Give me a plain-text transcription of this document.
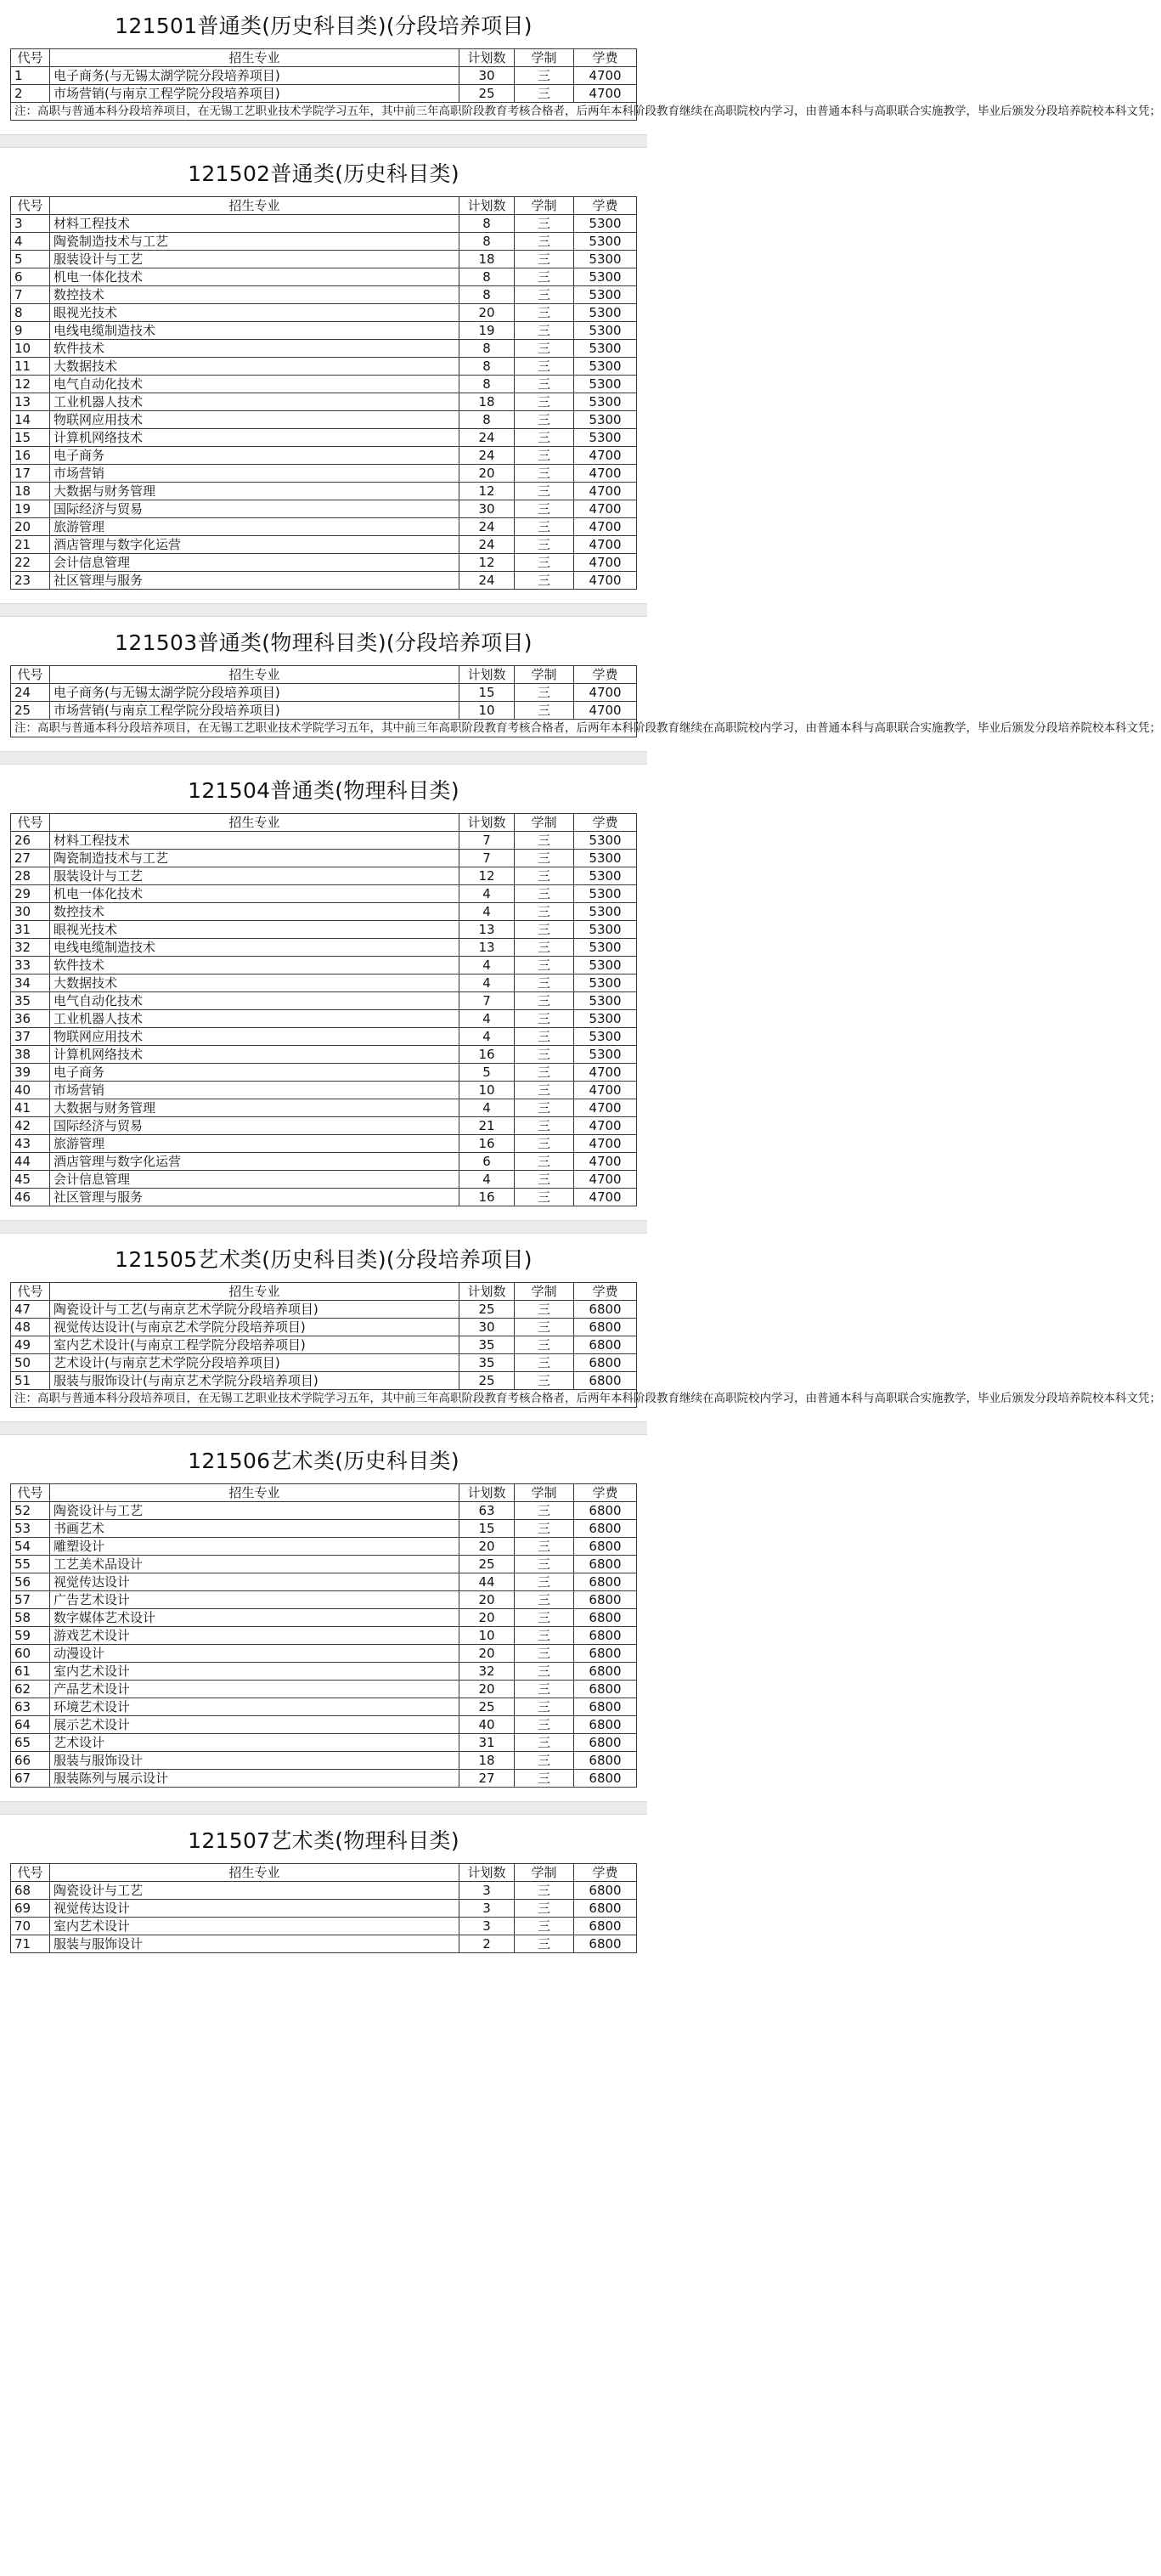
121501普通类(历史科目类)(分段培养项目)
代号	招生专业	计划数	学制	学费
1	电子商务(与无锡太湖学院分段培养项目)	30	三	4700
2	市场营销(与南京工程学院分段培养项目)	25	三	4700
注：高职与普通本科分段培养项目，在无锡工艺职业技术学院学习五年，其中前三年高职阶段教育考核合格者，后两年本科阶段教育继续在高职院校内学习，由普通本科与高职联合实施教学，毕业后颁发分段培养院校本科文凭；				
121502普通类(历史科目类)
代号	招生专业	计划数	学制	学费
3	材料工程技术	8	三	5300
4	陶瓷制造技术与工艺	8	三	5300
5	服装设计与工艺	18	三	5300
6	机电一体化技术	8	三	5300
7	数控技术	8	三	5300
8	眼视光技术	20	三	5300
9	电线电缆制造技术	19	三	5300
10	软件技术	8	三	5300
11	大数据技术	8	三	5300
12	电气自动化技术	8	三	5300
13	工业机器人技术	18	三	5300
14	物联网应用技术	8	三	5300
15	计算机网络技术	24	三	5300
16	电子商务	24	三	4700
17	市场营销	20	三	4700
18	大数据与财务管理	12	三	4700
19	国际经济与贸易	30	三	4700
20	旅游管理	24	三	4700
21	酒店管理与数字化运营	24	三	4700
22	会计信息管理	12	三	4700
23	社区管理与服务	24	三	4700
121503普通类(物理科目类)(分段培养项目)
代号	招生专业	计划数	学制	学费
24	电子商务(与无锡太湖学院分段培养项目)	15	三	4700
25	市场营销(与南京工程学院分段培养项目)	10	三	4700
注：高职与普通本科分段培养项目，在无锡工艺职业技术学院学习五年，其中前三年高职阶段教育考核合格者，后两年本科阶段教育继续在高职院校内学习，由普通本科与高职联合实施教学，毕业后颁发分段培养院校本科文凭；				
121504普通类(物理科目类)
代号	招生专业	计划数	学制	学费
26	材料工程技术	7	三	5300
27	陶瓷制造技术与工艺	7	三	5300
28	服装设计与工艺	12	三	5300
29	机电一体化技术	4	三	5300
30	数控技术	4	三	5300
31	眼视光技术	13	三	5300
32	电线电缆制造技术	13	三	5300
33	软件技术	4	三	5300
34	大数据技术	4	三	5300
35	电气自动化技术	7	三	5300
36	工业机器人技术	4	三	5300
37	物联网应用技术	4	三	5300
38	计算机网络技术	16	三	5300
39	电子商务	5	三	4700
40	市场营销	10	三	4700
41	大数据与财务管理	4	三	4700
42	国际经济与贸易	21	三	4700
43	旅游管理	16	三	4700
44	酒店管理与数字化运营	6	三	4700
45	会计信息管理	4	三	4700
46	社区管理与服务	16	三	4700
121505艺术类(历史科目类)(分段培养项目)
代号	招生专业	计划数	学制	学费
47	陶瓷设计与工艺(与南京艺术学院分段培养项目)	25	三	6800
48	视觉传达设计(与南京艺术学院分段培养项目)	30	三	6800
49	室内艺术设计(与南京工程学院分段培养项目)	35	三	6800
50	艺术设计(与南京艺术学院分段培养项目)	35	三	6800
51	服装与服饰设计(与南京艺术学院分段培养项目)	25	三	6800
注：高职与普通本科分段培养项目，在无锡工艺职业技术学院学习五年，其中前三年高职阶段教育考核合格者，后两年本科阶段教育继续在高职院校内学习，由普通本科与高职联合实施教学，毕业后颁发分段培养院校本科文凭；				
121506艺术类(历史科目类)
代号	招生专业	计划数	学制	学费
52	陶瓷设计与工艺	63	三	6800
53	书画艺术	15	三	6800
54	雕塑设计	20	三	6800
55	工艺美术品设计	25	三	6800
56	视觉传达设计	44	三	6800
57	广告艺术设计	20	三	6800
58	数字媒体艺术设计	20	三	6800
59	游戏艺术设计	10	三	6800
60	动漫设计	20	三	6800
61	室内艺术设计	32	三	6800
62	产品艺术设计	20	三	6800
63	环境艺术设计	25	三	6800
64	展示艺术设计	40	三	6800
65	艺术设计	31	三	6800
66	服装与服饰设计	18	三	6800
67	服装陈列与展示设计	27	三	6800
121507艺术类(物理科目类)
代号	招生专业	计划数	学制	学费
68	陶瓷设计与工艺	3	三	6800
69	视觉传达设计	3	三	6800
70	室内艺术设计	3	三	6800
71	服装与服饰设计	2	三	6800
